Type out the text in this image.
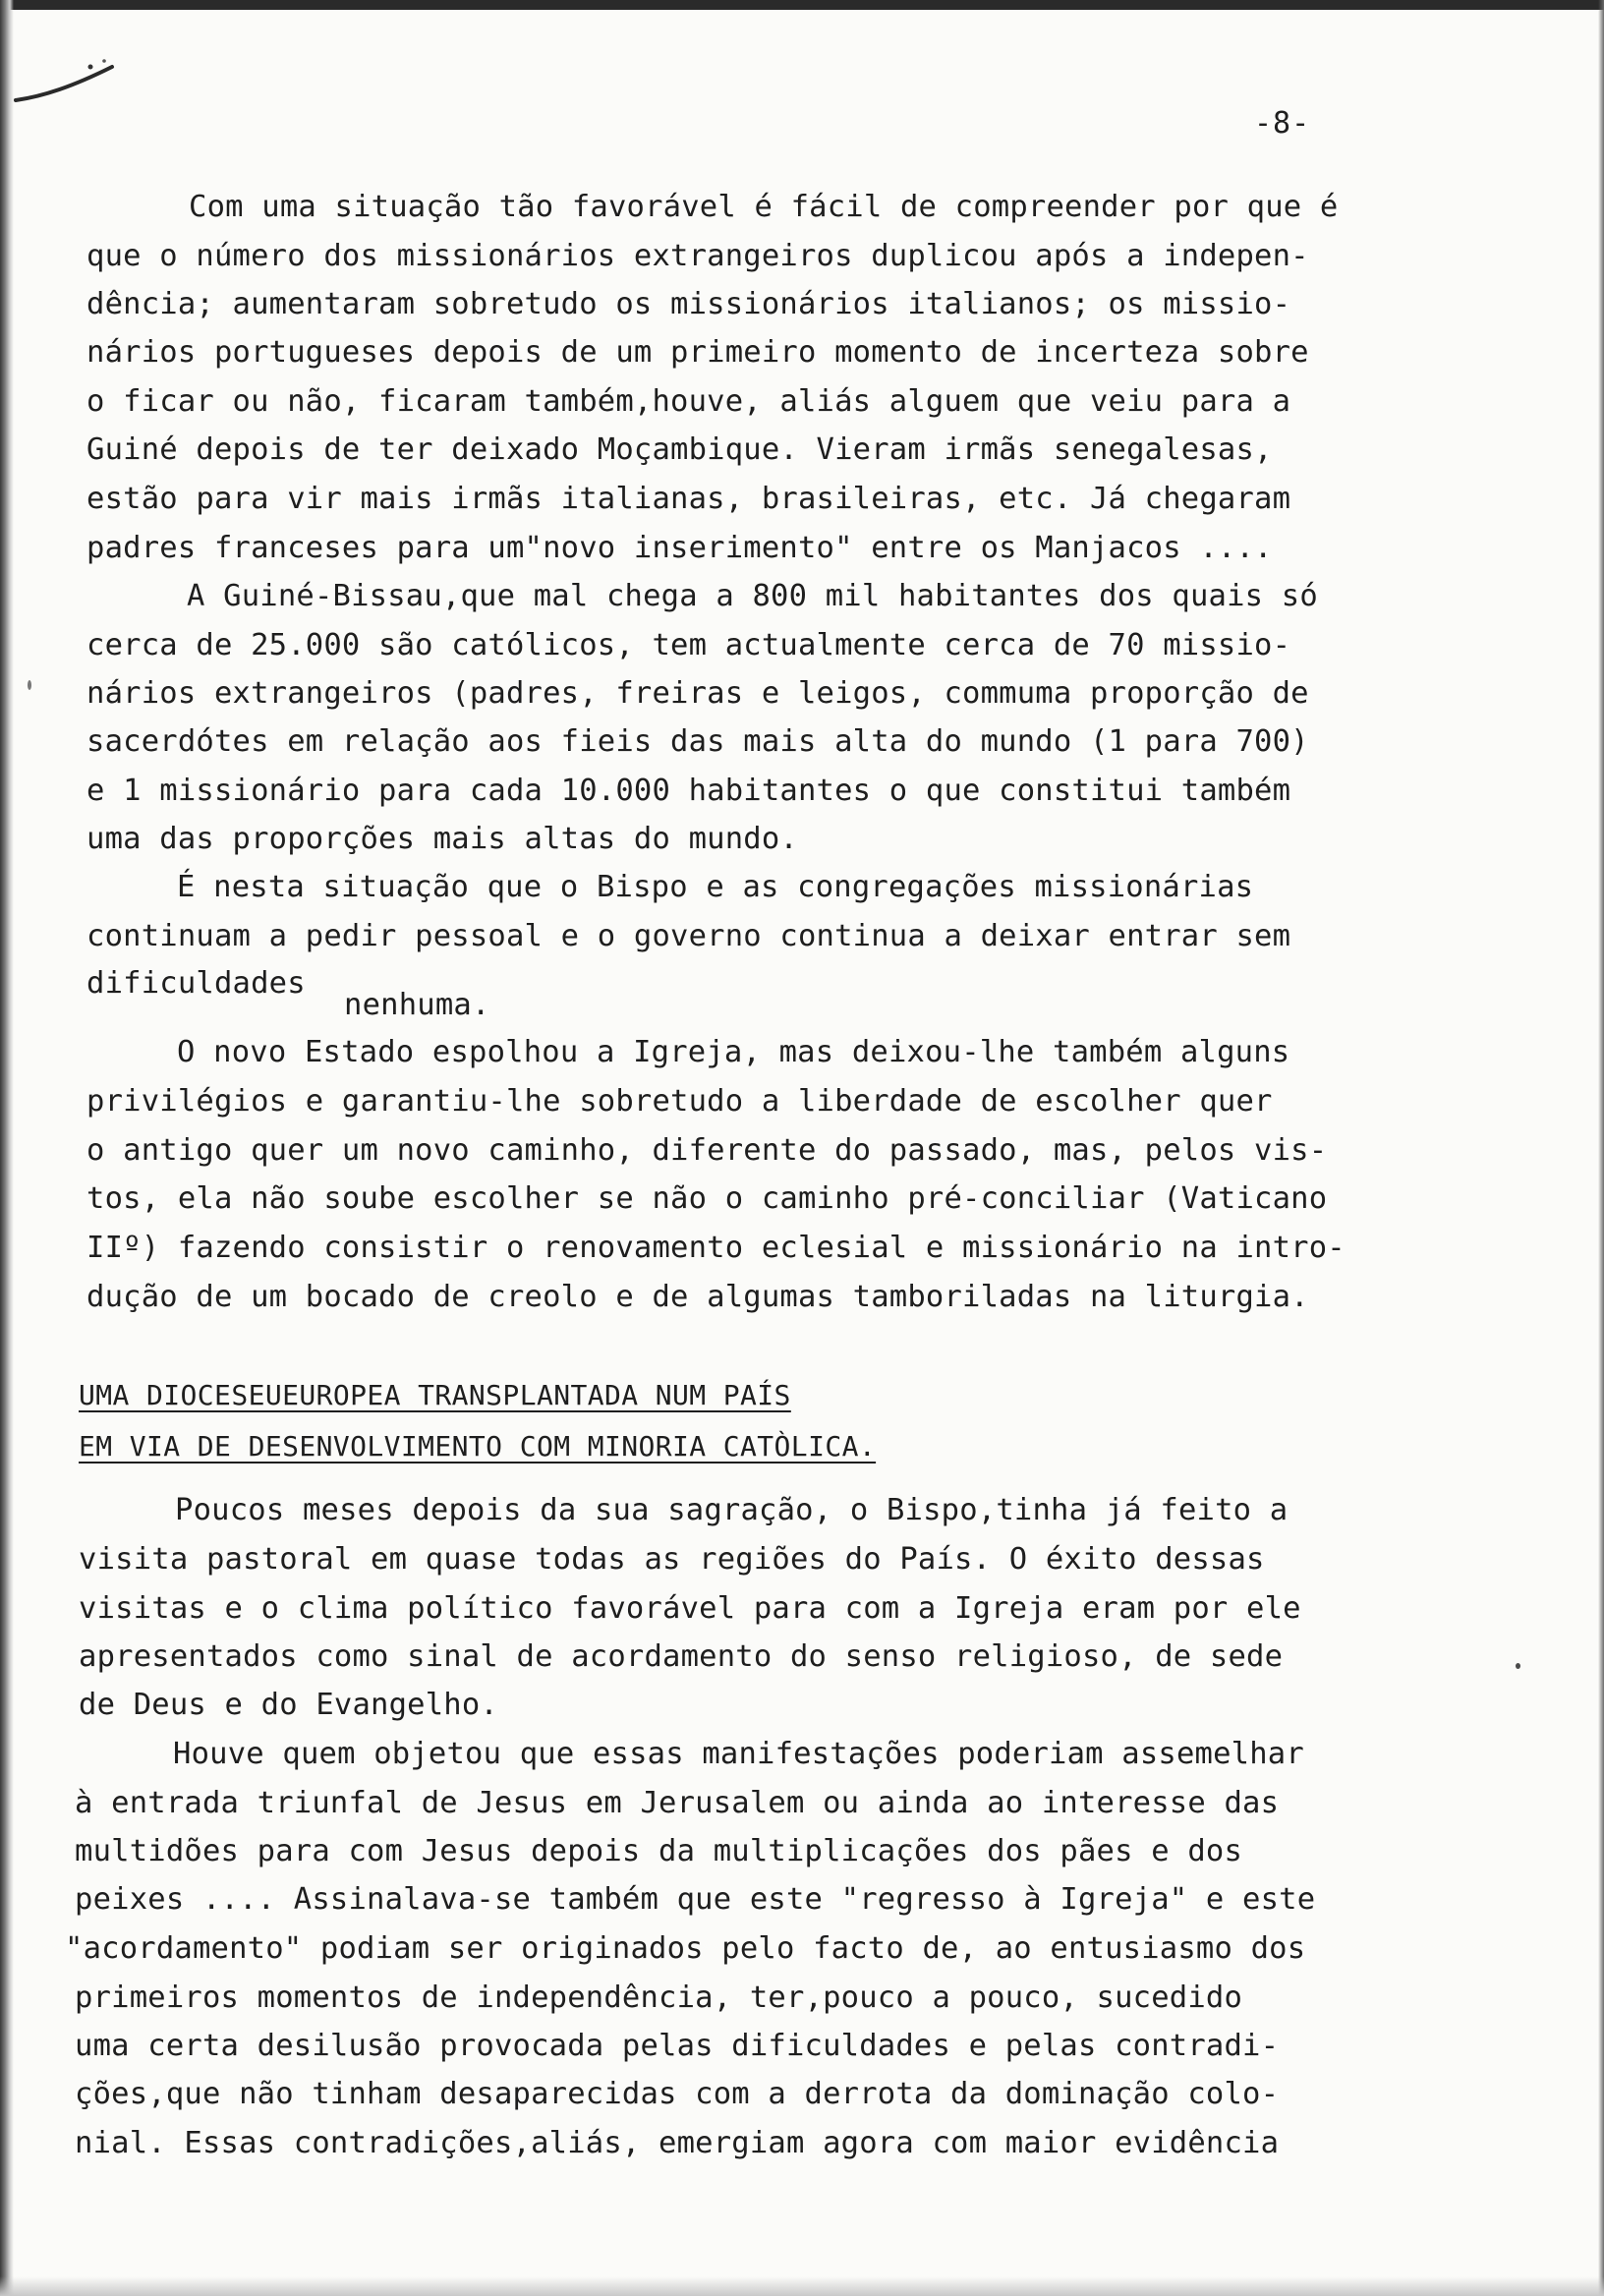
-8-
Com uma situação tão favorável é fácil de compreender por que é
que o número dos missionários extrangeiros duplicou após a indepen-
dência; aumentaram sobretudo os missionários italianos; os missio-
nários portugueses depois de um primeiro momento de incerteza sobre
o ficar ou não, ficaram também,houve, aliás alguem que veiu para a
Guiné depois de ter deixado Moçambique. Vieram irmãs senegalesas,
estão para vir mais irmãs italianas, brasileiras, etc. Já chegaram
padres franceses para um"novo inserimento" entre os Manjacos ....
A Guiné-Bissau,que mal chega a 800 mil habitantes dos quais só
cerca de 25.000 são católicos, tem actualmente cerca de 70 missio-
nários extrangeiros (padres, freiras e leigos, commuma proporção de
sacerdótes em relação aos fieis das mais alta do mundo (1 para 700)
e 1 missionário para cada 10.000 habitantes o que constitui também
uma das proporções mais altas do mundo.
É nesta situação que o Bispo e as congregações missionárias
continuam a pedir pessoal e o governo continua a deixar entrar sem
dificuldades
nenhuma.
O novo Estado espolhou a Igreja, mas deixou-lhe também alguns
privilégios e garantiu-lhe sobretudo a liberdade de escolher quer
o antigo quer um novo caminho, diferente do passado, mas, pelos vis-
tos, ela não soube escolher se não o caminho pré-conciliar (Vaticano
IIº) fazendo consistir o renovamento eclesial e missionário na intro-
dução de um bocado de creolo e de algumas tamboriladas na liturgia.
UMA DIOCESEUEUROPEA TRANSPLANTADA NUM PAÍS
EM VIA DE DESENVOLVIMENTO COM MINORIA CATÒLICA.
Poucos meses depois da sua sagração, o Bispo,tinha já feito a
visita pastoral em quase todas as regiões do País. O éxito dessas
visitas e o clima político favorável para com a Igreja eram por ele
apresentados como sinal de acordamento do senso religioso, de sede
de Deus e do Evangelho.
Houve quem objetou que essas manifestações poderiam assemelhar
à entrada triunfal de Jesus em Jerusalem ou ainda ao interesse das
multidões para com Jesus depois da multiplicações dos pães e dos
peixes .... Assinalava-se também que este "regresso à Igreja" e este
"acordamento" podiam ser originados pelo facto de, ao entusiasmo dos
primeiros momentos de independência, ter,pouco a pouco, sucedido
uma certa desilusão provocada pelas dificuldades e pelas contradi-
ções,que não tinham desaparecidas com a derrota da dominação colo-
nial. Essas contradições,aliás, emergiam agora com maior evidência
